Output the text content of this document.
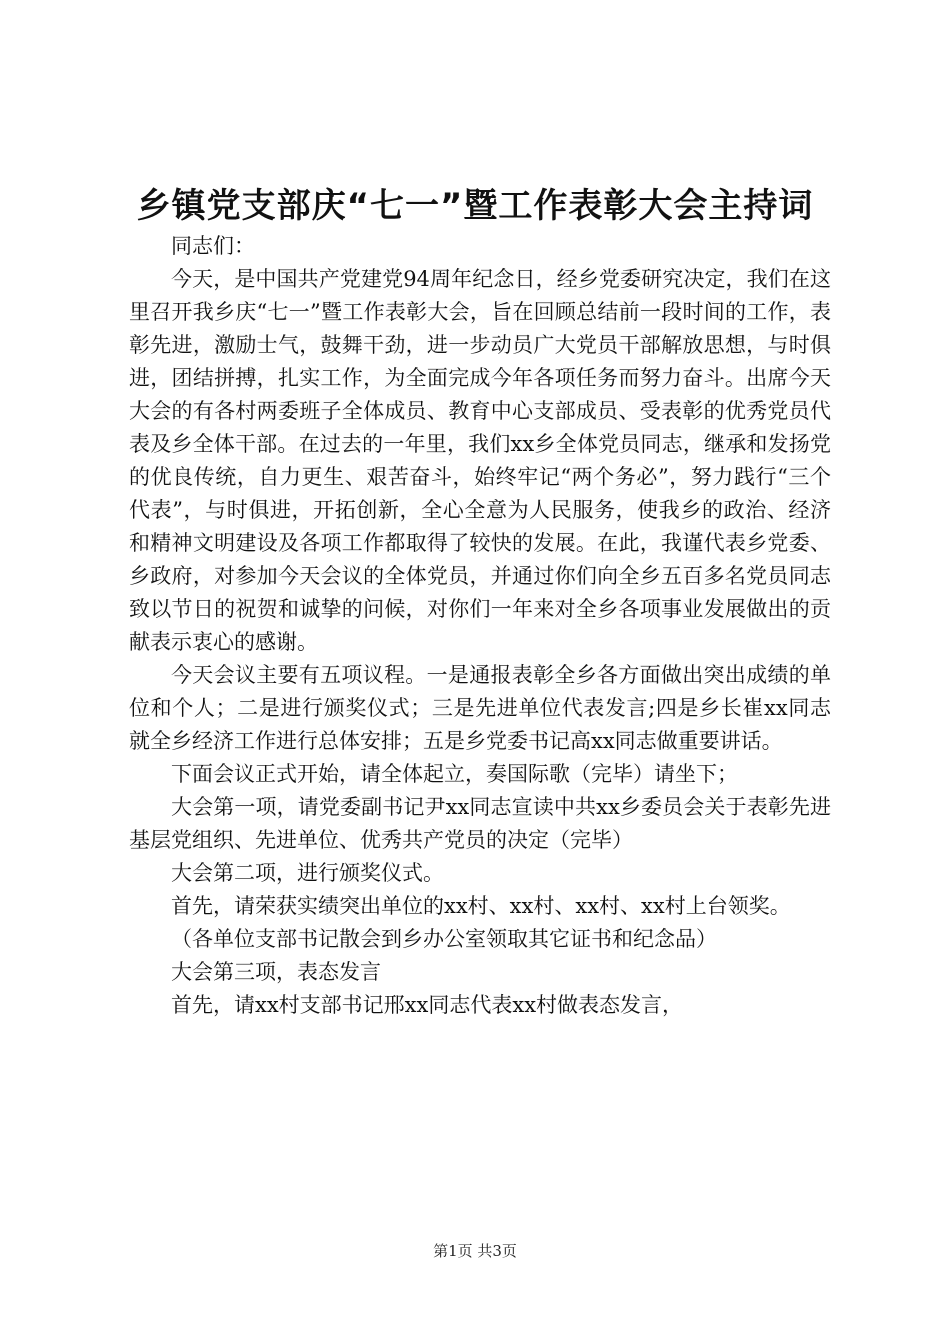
乡镇党支部庆“七一”暨工作表彰大会主持词

同志们：

今天，是中国共产党建党94周年纪念日，经乡党委研究决定，我们在这里召开我乡庆“七一”暨工作表彰大会，旨在回顾总结前一段时间的工作，表彰先进，激励士气，鼓舞干劲，进一步动员广大党员干部解放思想，与时俱进，团结拼搏，扎实工作，为全面完成今年各项任务而努力奋斗。出席今天大会的有各村两委班子全体成员、教育中心支部成员、受表彰的优秀党员代表及乡全体干部。在过去的一年里，我们xx乡全体党员同志，继承和发扬党的优良传统，自力更生、艰苦奋斗，始终牢记“两个务必”，努力践行“三个代表”，与时俱进，开拓创新，全心全意为人民服务，使我乡的政治、经济和精神文明建设及各项工作都取得了较快的发展。在此，我谨代表乡党委、乡政府，对参加今天会议的全体党员，并通过你们向全乡五百多名党员同志致以节日的祝贺和诚挚的问候，对你们一年来对全乡各项事业发展做出的贡献表示衷心的感谢。

今天会议主要有五项议程。一是通报表彰全乡各方面做出突出成绩的单位和个人；二是进行颁奖仪式；三是先进单位代表发言;四是乡长崔xx同志就全乡经济工作进行总体安排；五是乡党委书记高xx同志做重要讲话。

下面会议正式开始，请全体起立，奏国际歌（完毕）请坐下；

大会第一项，请党委副书记尹xx同志宣读中共xx乡委员会关于表彰先进基层党组织、先进单位、优秀共产党员的决定（完毕）

大会第二项，进行颁奖仪式。

首先，请荣获实绩突出单位的xx村、xx村、xx村、xx村上台领奖。

（各单位支部书记散会到乡办公室领取其它证书和纪念品）

大会第三项，表态发言

首先，请xx村支部书记邢xx同志代表xx村做表态发言，

第1页 共3页
